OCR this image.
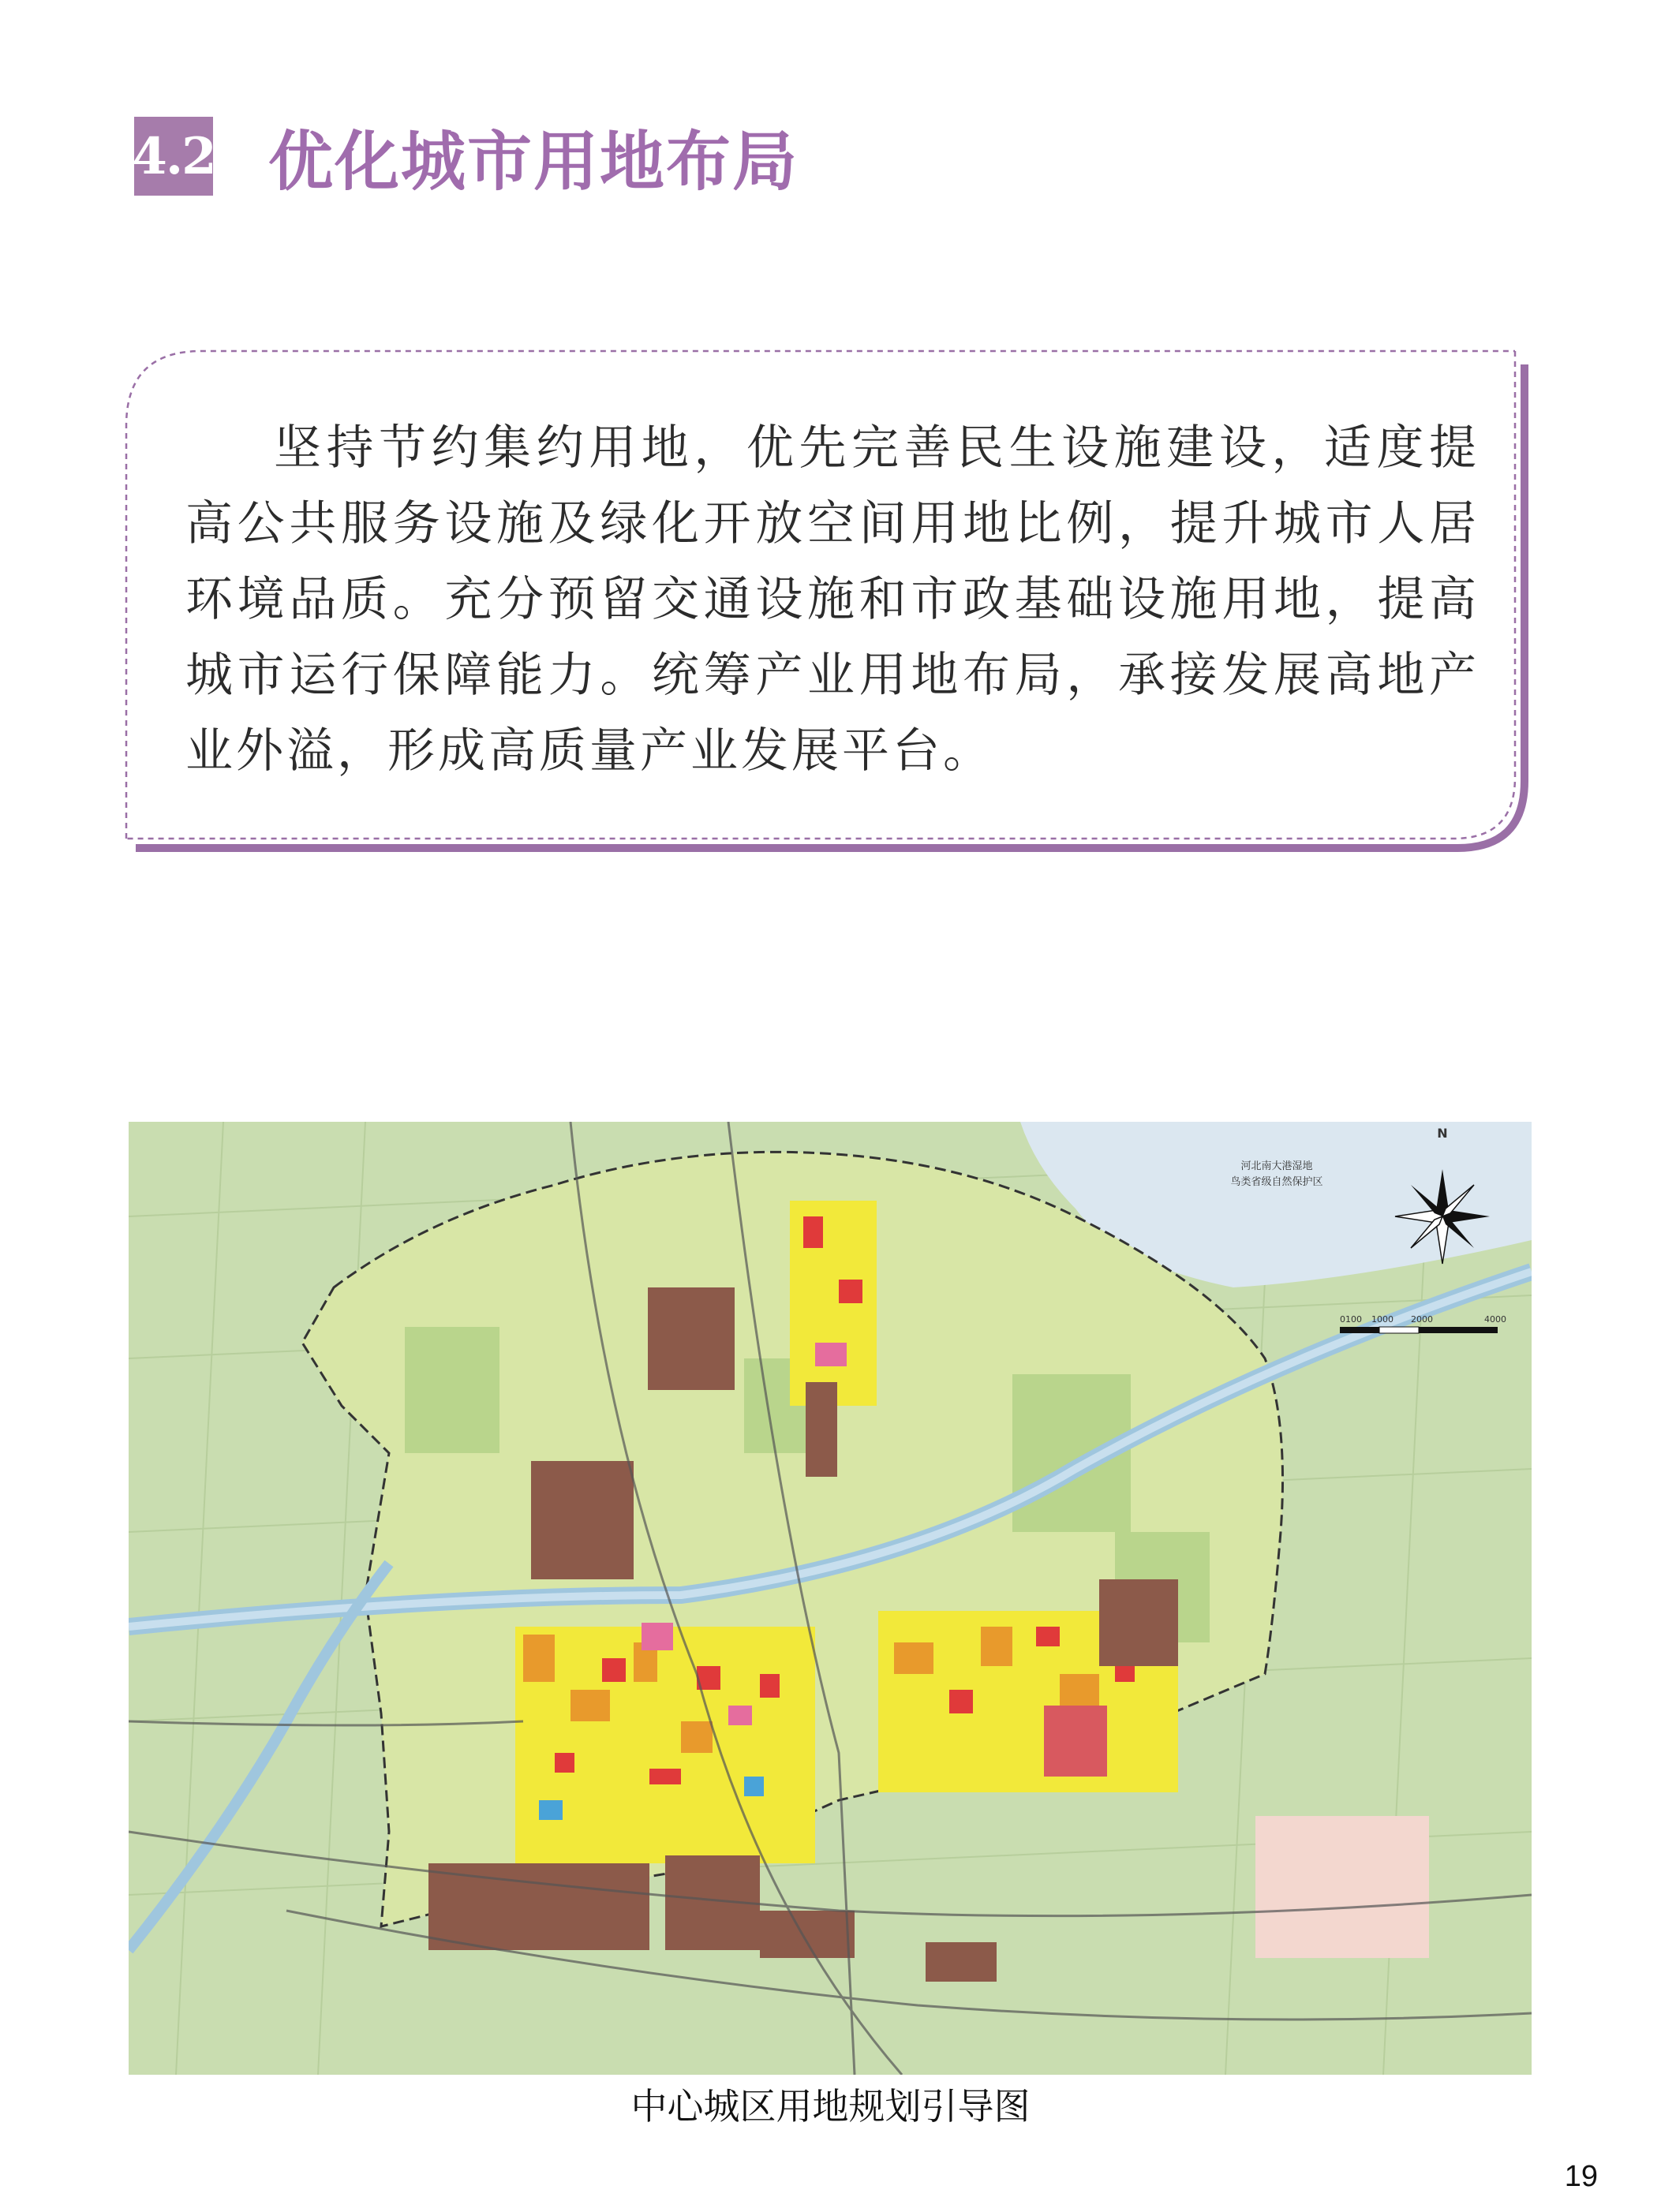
4.2 优化城市用地布局

坚持节约集约用地，优先完善民生设施建设，适度提高公共服务设施及绿化开放空间用地比例，提升城市人居环境品质。充分预留交通设施和市政基础设施用地，提高城市运行保障能力。统筹产业用地布局，承接发展高地产业外溢，形成高质量产业发展平台。

河北南大港湿地
鸟类省级自然保护区
N
0100 1000 2000	4000
中心城区用地规划引导图
19
